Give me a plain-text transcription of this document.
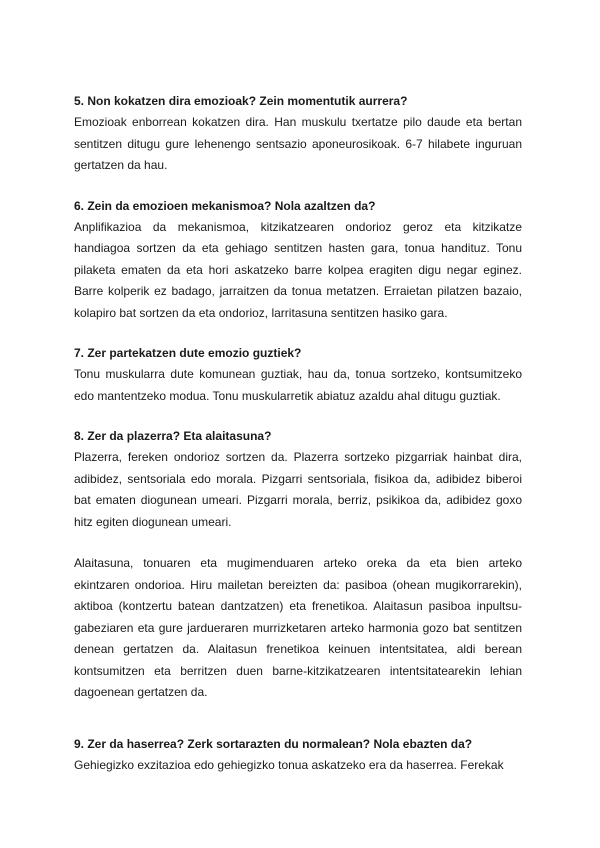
5. Non kokatzen dira emozioak? Zein momentutik aurrera?

Emozioak enborrean kokatzen dira. Han muskulu txertatze pilo daude eta bertan sentitzen ditugu gure lehenengo sentsazio aponeurosikoak. 6-7 hilabete inguruan gertatzen da hau.

6. Zein da emozioen mekanismoa? Nola azaltzen da?

Anplifikazioa da mekanismoa, kitzikatzearen ondorioz geroz eta kitzikatze handiagoa sortzen da eta gehiago sentitzen hasten gara, tonua handituz. Tonu pilaketa ematen da eta hori askatzeko barre kolpea eragiten digu negar eginez. Barre kolperik ez badago, jarraitzen da tonua metatzen. Erraietan pilatzen bazaio, kolapiro bat sortzen da eta ondorioz, larritasuna sentitzen hasiko gara.

7. Zer partekatzen dute emozio guztiek?

Tonu muskularra dute komunean guztiak, hau da, tonua sortzeko, kontsumitzeko edo mantentzeko modua. Tonu muskularretik abiatuz azaldu ahal ditugu guztiak.

8. Zer da plazerra? Eta alaitasuna?

Plazerra, fereken ondorioz sortzen da. Plazerra sortzeko pizgarriak hainbat dira, adibidez, sentsoriala edo morala. Pizgarri sentsoriala, fisikoa da, adibidez biberoi bat ematen diogunean umeari. Pizgarri morala, berriz, psikikoa da, adibidez goxo hitz egiten diogunean umeari.

Alaitasuna, tonuaren eta mugimenduaren arteko oreka da eta bien arteko ekintzaren ondorioa. Hiru mailetan bereizten da: pasiboa (ohean mugikorrarekin), aktiboa (kontzertu batean dantzatzen) eta frenetikoa. Alaitasun pasiboa inpultsu-gabeziaren eta gure jardueraren murrizketaren arteko harmonia gozo bat sentitzen denean gertatzen da. Alaitasun frenetikoa keinuen intentsitatea, aldi berean kontsumitzen eta berritzen duen barne-kitzikatzearen intentsitatearekin lehian dagoenean gertatzen da.

9. Zer da haserrea? Zerk sortarazten du normalean? Nola ebazten da?

Gehiegizko exzitazioa edo gehiegizko tonua askatzeko era da haserrea. Ferekak
